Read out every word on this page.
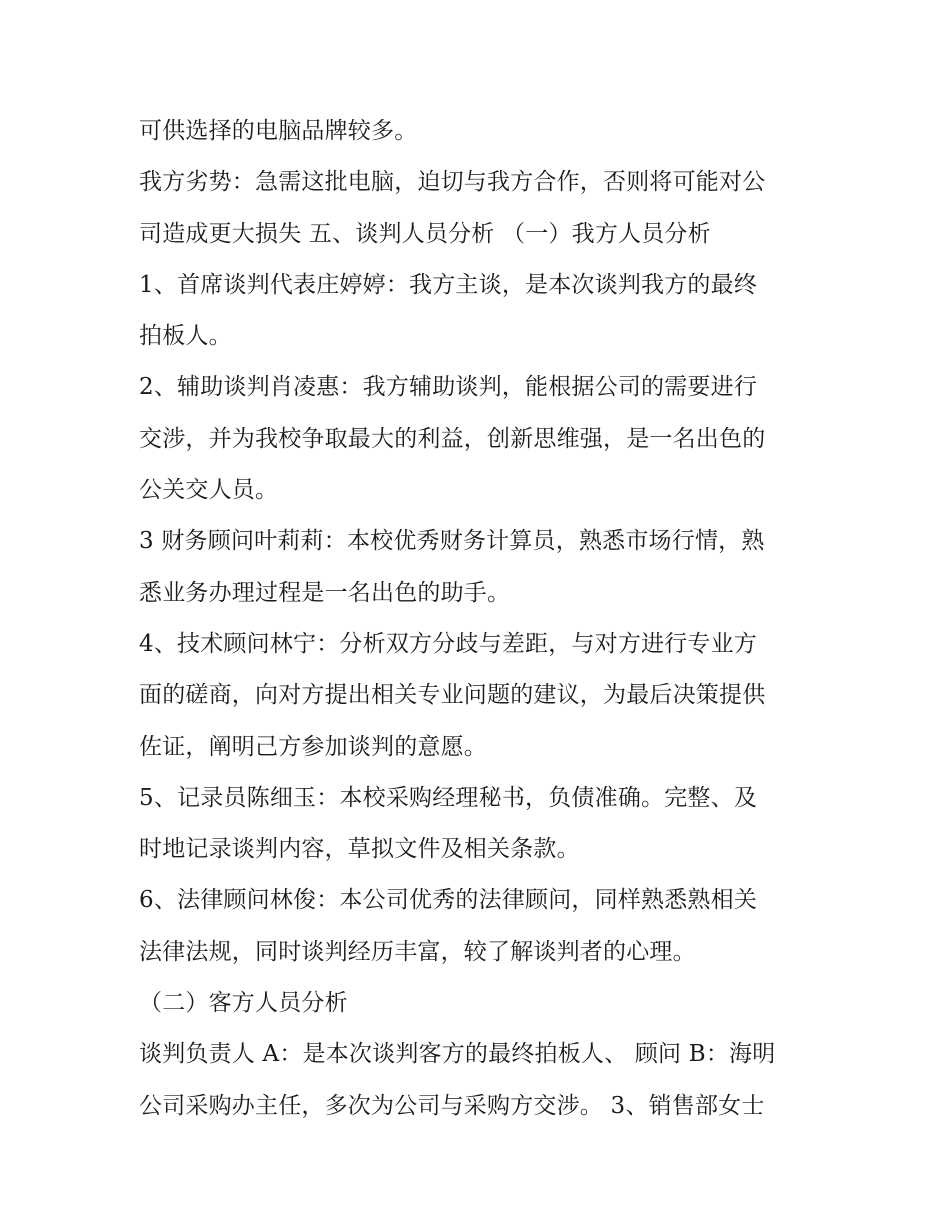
可供选择的电脑品牌较多。
我方劣势：急需这批电脑，迫切与我方合作，否则将可能对公
司造成更大损失 五、谈判人员分析 （一）我方人员分析
1、首席谈判代表庄婷婷：我方主谈，是本次谈判我方的最终
拍板人。
2、辅助谈判肖凌惠：我方辅助谈判，能根据公司的需要进行
交涉，并为我校争取最大的利益，创新思维强，是一名出色的
公关交人员。
3 财务顾问叶莉莉：本校优秀财务计算员，熟悉市场行情，熟
悉业务办理过程是一名出色的助手。
4、技术顾问林宁：分析双方分歧与差距，与对方进行专业方
面的磋商，向对方提出相关专业问题的建议，为最后决策提供
佐证，阐明己方参加谈判的意愿。
5、记录员陈细玉：本校采购经理秘书，负债准确。完整、及
时地记录谈判内容，草拟文件及相关条款。
6、法律顾问林俊：本公司优秀的法律顾问，同样熟悉熟相关
法律法规，同时谈判经历丰富，较了解谈判者的心理。
（二）客方人员分析
谈判负责人 A：是本次谈判客方的最终拍板人、 顾问 B：海明
公司采购办主任，多次为公司与采购方交涉。 3、销售部女士
